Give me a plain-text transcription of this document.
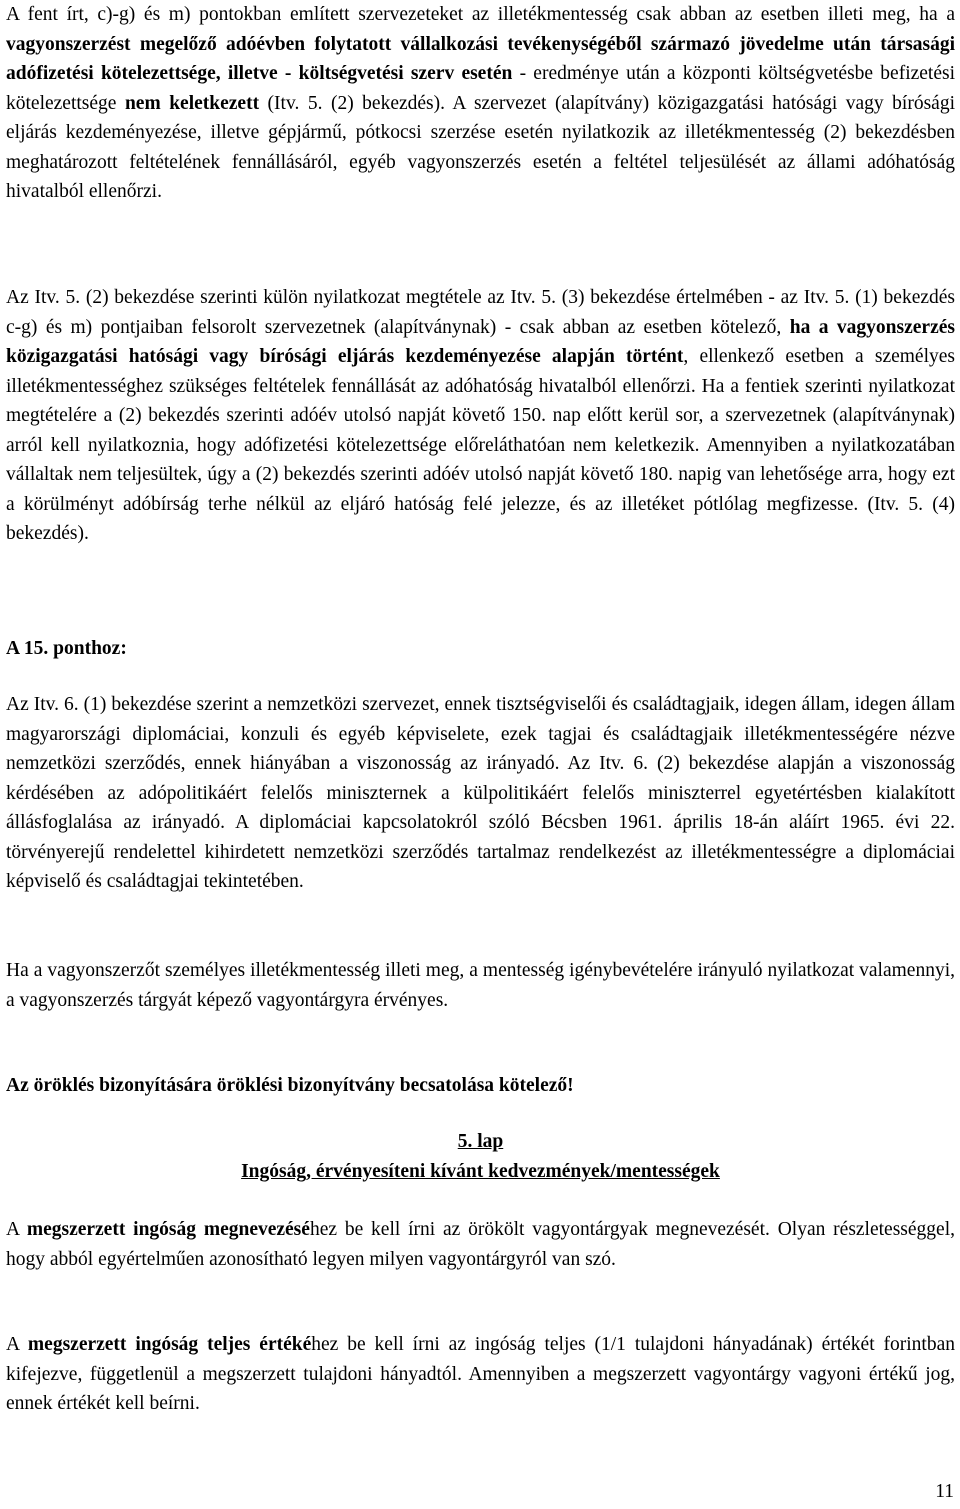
A fent írt, c)-g) és m) pontokban említett szervezeteket az illetékmentesség csak abban az esetben illeti meg, ha a vagyonszerzést megelőző adóévben folytatott vállalkozási tevékenységéből származó jövedelme után társasági adófizetési kötelezettsége, illetve - költségvetési szerv esetén - eredménye után a központi költségvetésbe befizetési kötelezettsége nem keletkezett (Itv. 5. (2) bekezdés). A szervezet (alapítvány) közigazgatási hatósági vagy bírósági eljárás kezdeményezése, illetve gépjármű, pótkocsi szerzése esetén nyilatkozik az illetékmentesség (2) bekezdésben meghatározott feltételének fennállásáról, egyéb vagyonszerzés esetén a feltétel teljesülését az állami adóhatóság hivatalból ellenőrzi.

Az Itv. 5. (2) bekezdése szerinti külön nyilatkozat megtétele az Itv. 5. (3) bekezdése értelmében - az Itv. 5. (1) bekezdés c-g) és m) pontjaiban felsorolt szervezetnek (alapítványnak) - csak abban az esetben kötelező, ha a vagyonszerzés közigazgatási hatósági vagy bírósági eljárás kezdeményezése alapján történt, ellenkező esetben a személyes illetékmentességhez szükséges feltételek fennállását az adóhatóság hivatalból ellenőrzi. Ha a fentiek szerinti nyilatkozat megtételére a (2) bekezdés szerinti adóév utolsó napját követő 150. nap előtt kerül sor, a szervezetnek (alapítványnak) arról kell nyilatkoznia, hogy adófizetési kötelezettsége előreláthatóan nem keletkezik. Amennyiben a nyilatkozatában vállaltak nem teljesültek, úgy a (2) bekezdés szerinti adóév utolsó napját követő 180. napig van lehetősége arra, hogy ezt a körülményt adóbírság terhe nélkül az eljáró hatóság felé jelezze, és az illetéket pótlólag megfizesse. (Itv. 5. (4) bekezdés).

A 15. ponthoz:

Az Itv. 6. (1) bekezdése szerint a nemzetközi szervezet, ennek tisztségviselői és családtagjaik, idegen állam, idegen állam magyarországi diplomáciai, konzuli és egyéb képviselete, ezek tagjai és családtagjaik illetékmentességére nézve nemzetközi szerződés, ennek hiányában a viszonosság az irányadó. Az Itv. 6. (2) bekezdése alapján a viszonosság kérdésében az adópolitikáért felelős miniszternek a külpolitikáért felelős miniszterrel egyetértésben kialakított állásfoglalása az irányadó. A diplomáciai kapcsolatokról szóló Bécsben 1961. április 18-án aláírt 1965. évi 22. törvényerejű rendelettel kihirdetett nemzetközi szerződés tartalmaz rendelkezést az illetékmentességre a diplomáciai képviselő és családtagjai tekintetében.

Ha a vagyonszerzőt személyes illetékmentesség illeti meg, a mentesség igénybevételére irányuló nyilatkozat valamennyi, a vagyonszerzés tárgyát képező vagyontárgyra érvényes.

Az öröklés bizonyítására öröklési bizonyítvány becsatolása kötelező!

5. lap

Ingóság, érvényesíteni kívánt kedvezmények/mentességek

A megszerzett ingóság megnevezéséhez be kell írni az örökölt vagyontárgyak megnevezését. Olyan részletességgel, hogy abból egyértelműen azonosítható legyen milyen vagyontárgyról van szó.

A megszerzett ingóság teljes értékéhez be kell írni az ingóság teljes (1/1 tulajdoni hányadának) értékét forintban kifejezve, függetlenül a megszerzett tulajdoni hányadtól. Amennyiben a megszerzett vagyontárgy vagyoni értékű jog, ennek értékét kell beírni.

11
